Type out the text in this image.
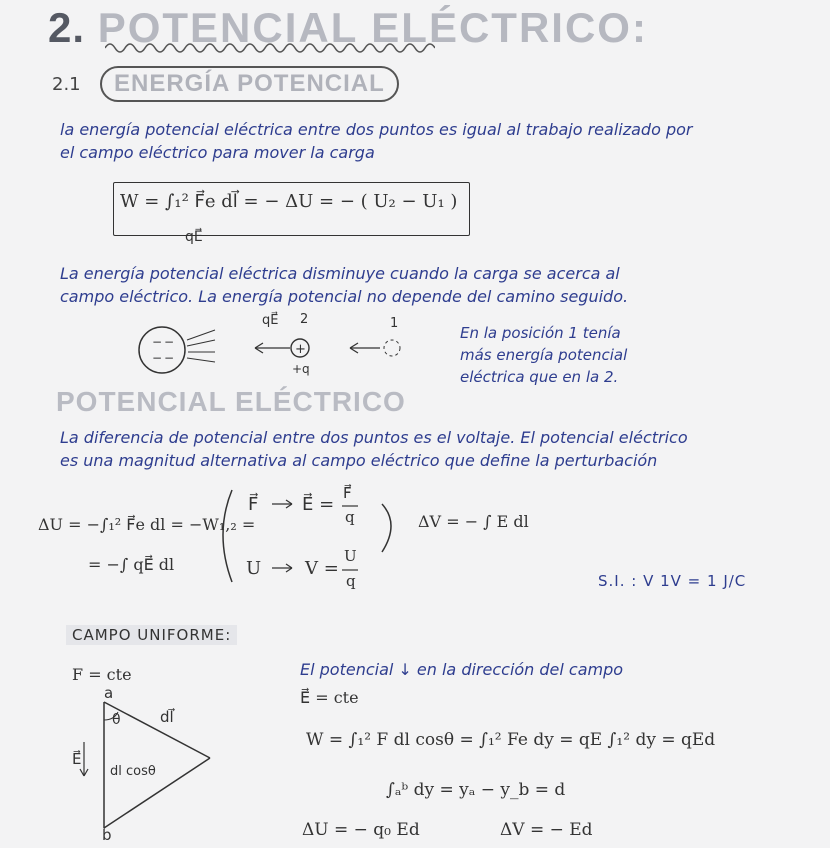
2. POTENCIAL ELÉCTRICO:
2.1	ENERGÍA POTENCIAL
la energía potencial eléctrica entre dos puntos es igual al trabajo realizado por
el campo eléctrico para mover la carga
W = ∫₁² F⃗e dl⃗ = − ΔU = − ( U₂ − U₁ )
qE⃗
La energía potencial eléctrica disminuye cuando la carga se acerca al
campo eléctrico. La energía potencial no depende del camino seguido.
− −
− −
+
qE⃗ 2	1
+q
En la posición 1 tenía
más energía potencial
eléctrica que en la 2.
POTENCIAL ELÉCTRICO
La diferencia de potencial entre dos puntos es el voltaje. El potencial eléctrico
es una magnitud alternativa al campo eléctrico que define la perturbación
ΔU = −∫₁² F⃗e dl = −W₁,₂ =
= −∫ qE⃗ dl
F⃗ E⃗ =
F⃗
q
U V =
U
q
ΔV = − ∫ E dl
S.I. : V 1V = 1 J/C
CAMPO UNIFORME:
F = cte
a
b
θ	dl⃗
E⃗
dl cosθ
El potencial ↓ en la dirección del campo
E⃗ = cte
W = ∫₁² F dl cosθ = ∫₁² Fe dy = qE ∫₁² dy = qEd
∫ₐᵇ dy = yₐ − y_b = d
ΔU = − q₀ Ed	ΔV = − Ed
